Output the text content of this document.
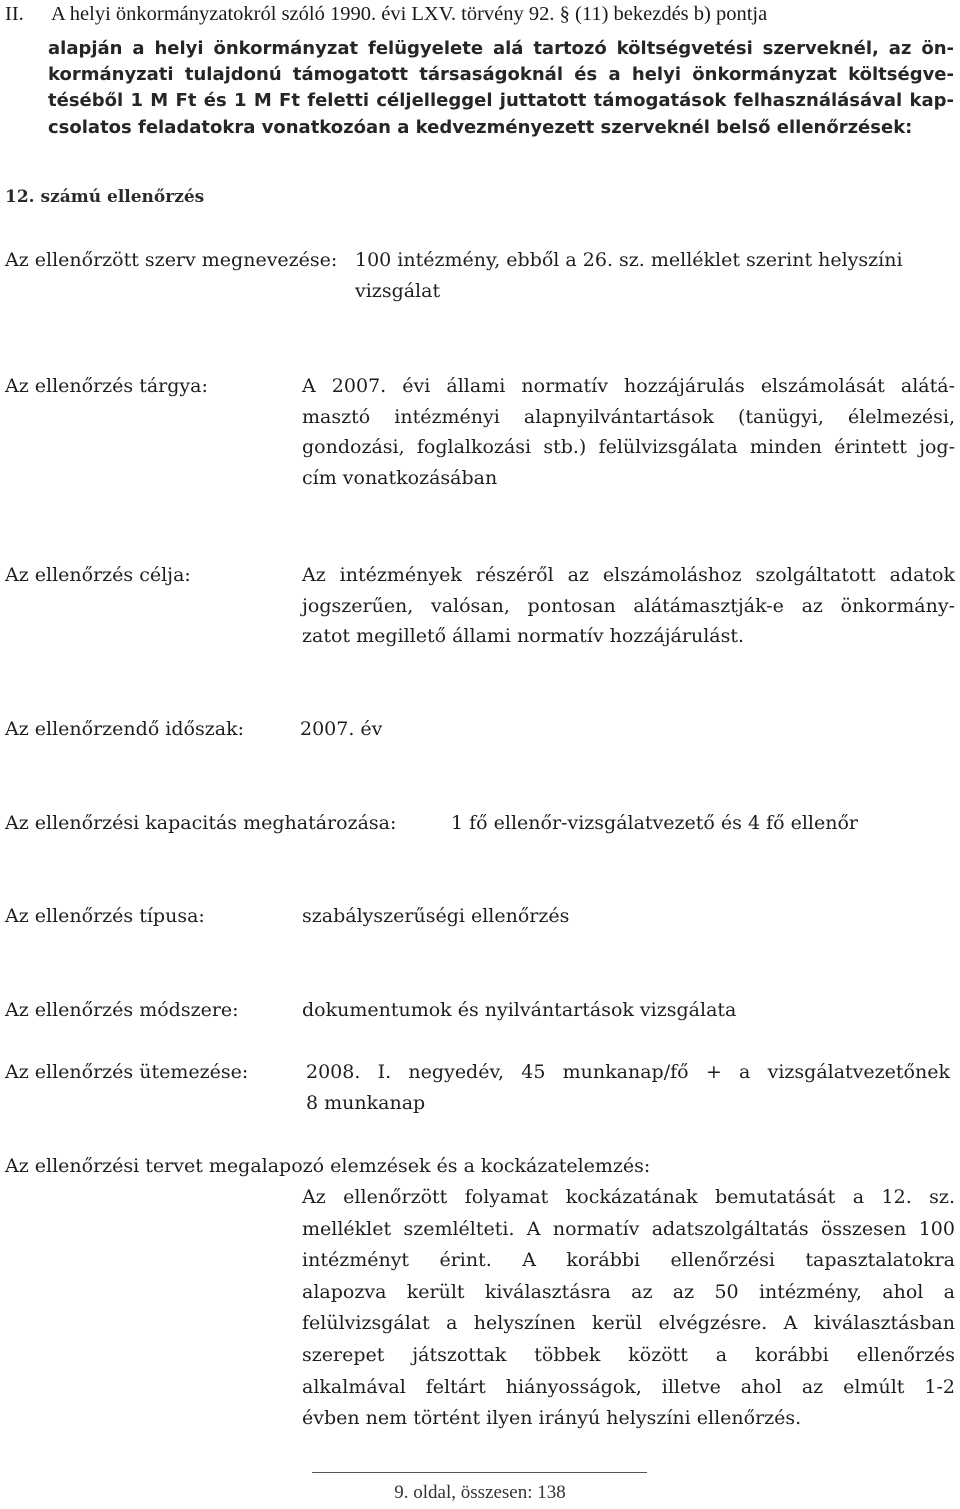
II. A helyi önkormányzatokról szóló 1990. évi LXV. törvény 92. § (11) bekezdés b) pontja
alapján a helyi önkormányzat felügyelete alá tartozó költségvetési szerveknél, az ön-
kormányzati tulajdonú támogatott társaságoknál és a helyi önkormányzat költségve-
téséből 1 M Ft és 1 M Ft feletti céljelleggel juttatott támogatások felhasználásával kap-
csolatos feladatokra vonatkozóan a kedvezményezett szerveknél belső ellenőrzések:
12. számú ellenőrzés
Az ellenőrzött szerv megnevezése: 100 intézmény, ebből a 26. sz. melléklet szerint helyszíni
vizsgálat
Az ellenőrzés tárgya:	A 2007. évi állami normatív hozzájárulás elszámolását alátá-
masztó intézményi alapnyilvántartások (tanügyi, élelmezési,
gondozási, foglalkozási stb.) felülvizsgálata minden érintett jog-
cím vonatkozásában
Az ellenőrzés célja:	Az intézmények részéről az elszámoláshoz szolgáltatott adatok
jogszerűen, valósan, pontosan alátámasztják-e az önkormány-
zatot megillető állami normatív hozzájárulást.
Az ellenőrzendő időszak:	2007. év
Az ellenőrzési kapacitás meghatározása:	1 fő ellenőr-vizsgálatvezető és 4 fő ellenőr
Az ellenőrzés típusa:	szabályszerűségi ellenőrzés
Az ellenőrzés módszere:	dokumentumok és nyilvántartások vizsgálata
Az ellenőrzés ütemezése:	2008. I. negyedév, 45 munkanap/fő + a vizsgálatvezetőnek
8 munkanap
Az ellenőrzési tervet megalapozó elemzések és a kockázatelemzés:
Az ellenőrzött folyamat kockázatának bemutatását a 12. sz.
melléklet szemlélteti. A normatív adatszolgáltatás összesen 100
intézményt érint. A korábbi ellenőrzési tapasztalatokra
alapozva került kiválasztásra az az 50 intézmény, ahol a
felülvizsgálat a helyszínen kerül elvégzésre. A kiválasztásban
szerepet játszottak többek között a korábbi ellenőrzés
alkalmával feltárt hiányosságok, illetve ahol az elmúlt 1-2
évben nem történt ilyen irányú helyszíni ellenőrzés.
9. oldal, összesen: 138
